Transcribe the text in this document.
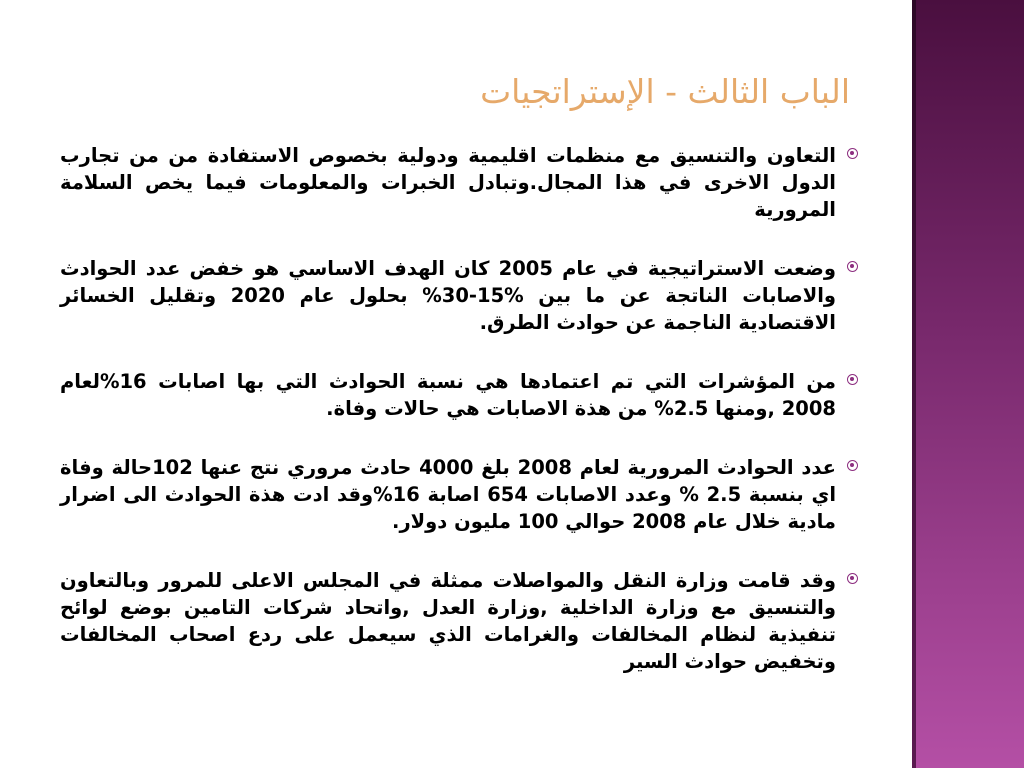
الباب الثالث - الإستراتجيات
التعاون والتنسيق مع منظمات اقليمية ودولية بخصوص الاستفادة من من تجارب الدول الاخرى في هذا المجال.وتبادل الخبرات والمعلومات فيما يخص السلامة المرورية
وضعت الاستراتيجية في عام 2005 كان الهدف الاساسي هو خفض عدد الحوادث والاصابات الناتجة عن ما بين %15-30% بحلول عام 2020 وتقليل الخسائر الاقتصادية الناجمة عن حوادث الطرق.
من المؤشرات التي تم اعتمادها هي نسبة الحوادث التي بها اصابات 16%لعام 2008 ,ومنها 2.5% من هذة الاصابات هي حالات وفاة.
عدد الحوادث المرورية لعام 2008 بلغ 4000 حادث مروري نتج عنها 102حالة وفاة اي بنسبة 2.5 % وعدد الاصابات 654 اصابة 16%وقد ادت هذة الحوادث الى اضرار مادية خلال عام 2008 حوالي 100 مليون دولار.
وقد قامت وزارة النقل والمواصلات ممثلة في المجلس الاعلى للمرور وبالتعاون والتنسيق مع وزارة الداخلية ,وزارة العدل ,واتحاد شركات التامين بوضع لوائح تنفيذية لنظام المخالفات والغرامات الذي سيعمل على ردع اصحاب المخالفات وتخفيض حوادث السير
